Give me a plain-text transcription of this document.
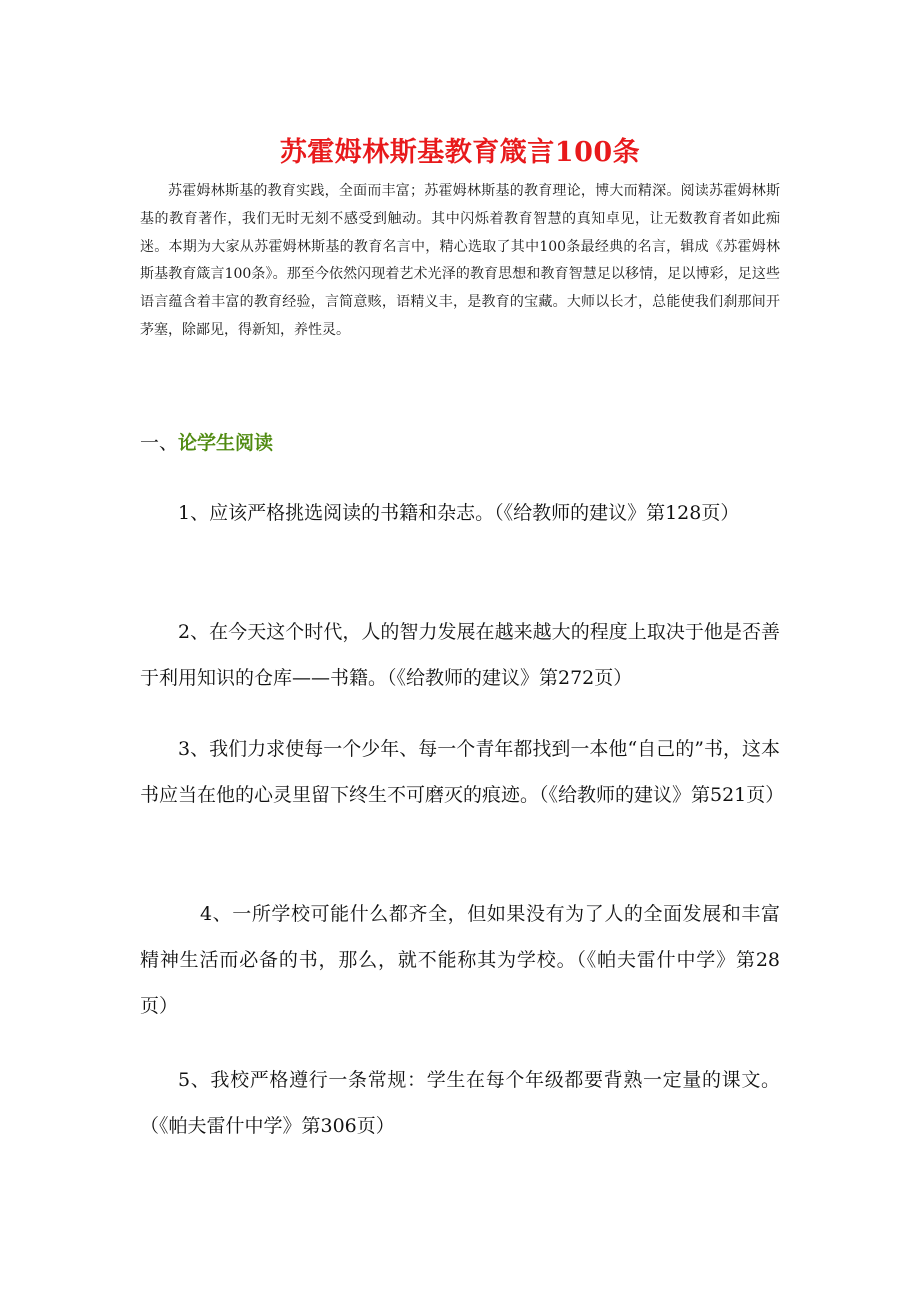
苏霍姆林斯基教育箴言100条

苏霍姆林斯基的教育实践，全面而丰富；苏霍姆林斯基的教育理论，博大而精深。阅读苏霍姆林斯基的教育著作，我们无时无刻不感受到触动。其中闪烁着教育智慧的真知卓见，让无数教育者如此痴迷。本期为大家从苏霍姆林斯基的教育名言中，精心选取了其中100条最经典的名言，辑成《苏霍姆林斯基教育箴言100条》。那至今依然闪现着艺术光泽的教育思想和教育智慧足以移情，足以博彩，足这些语言蕴含着丰富的教育经验，言简意赅，语精义丰，是教育的宝藏。大师以长才，总能使我们刹那间开茅塞，除鄙见，得新知，养性灵。

一、论学生阅读

1、应该严格挑选阅读的书籍和杂志。（《给教师的建议》第128页）

2、在今天这个时代，人的智力发展在越来越大的程度上取决于他是否善于利用知识的仓库——书籍。（《给教师的建议》第272页）

3、我们力求使每一个少年、每一个青年都找到一本他“自己的”书，这本书应当在他的心灵里留下终生不可磨灭的痕迹。（《给教师的建议》第521页）

4、一所学校可能什么都齐全，但如果没有为了人的全面发展和丰富精神生活而必备的书，那么，就不能称其为学校。（《帕夫雷什中学》第28页）

5、我校严格遵行一条常规：学生在每个年级都要背熟一定量的课文。（《帕夫雷什中学》第306页）
